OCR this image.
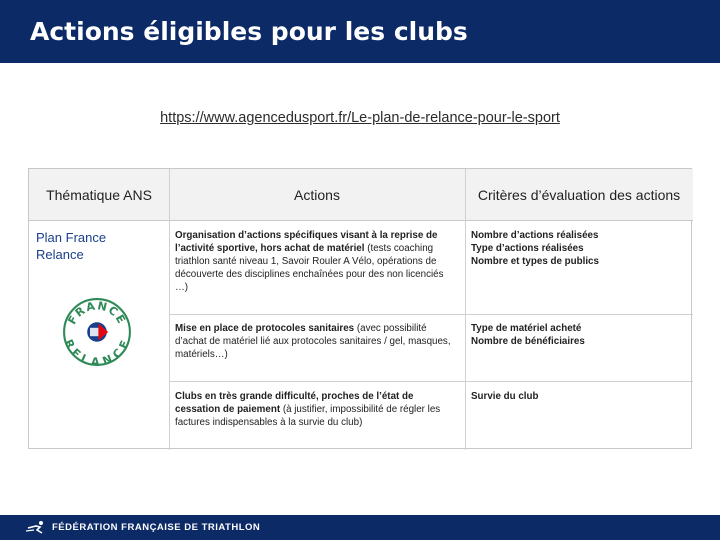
Actions éligibles pour les clubs
https://www.agencedusport.fr/Le-plan-de-relance-pour-le-sport
Thématique ANS	Actions	Critères d’évaluation des actions
Plan France Relance
FRANCE
RELANCE
Organisation d’actions spécifiques visant à la reprise de l’activité sportive, hors achat de matériel (tests coaching triathlon santé niveau 1, Savoir Rouler A Vélo, opérations de découverte des disciplines enchaînées pour des non licenciés …)
Nombre d’actions réalisées
Type d’actions réalisées
Nombre et types de publics
Mise en place de protocoles sanitaires (avec possibilité d’achat de matériel lié aux protocoles sanitaires / gel, masques, matériels…)
Type de matériel acheté
Nombre de bénéficiaires
Clubs en très grande difficulté, proches de l’état de cessation de paiement (à justifier, impossibilité de régler les factures indispensables à la survie du club)
Survie du club
FÉDÉRATION FRANÇAISE DE TRIATHLON
